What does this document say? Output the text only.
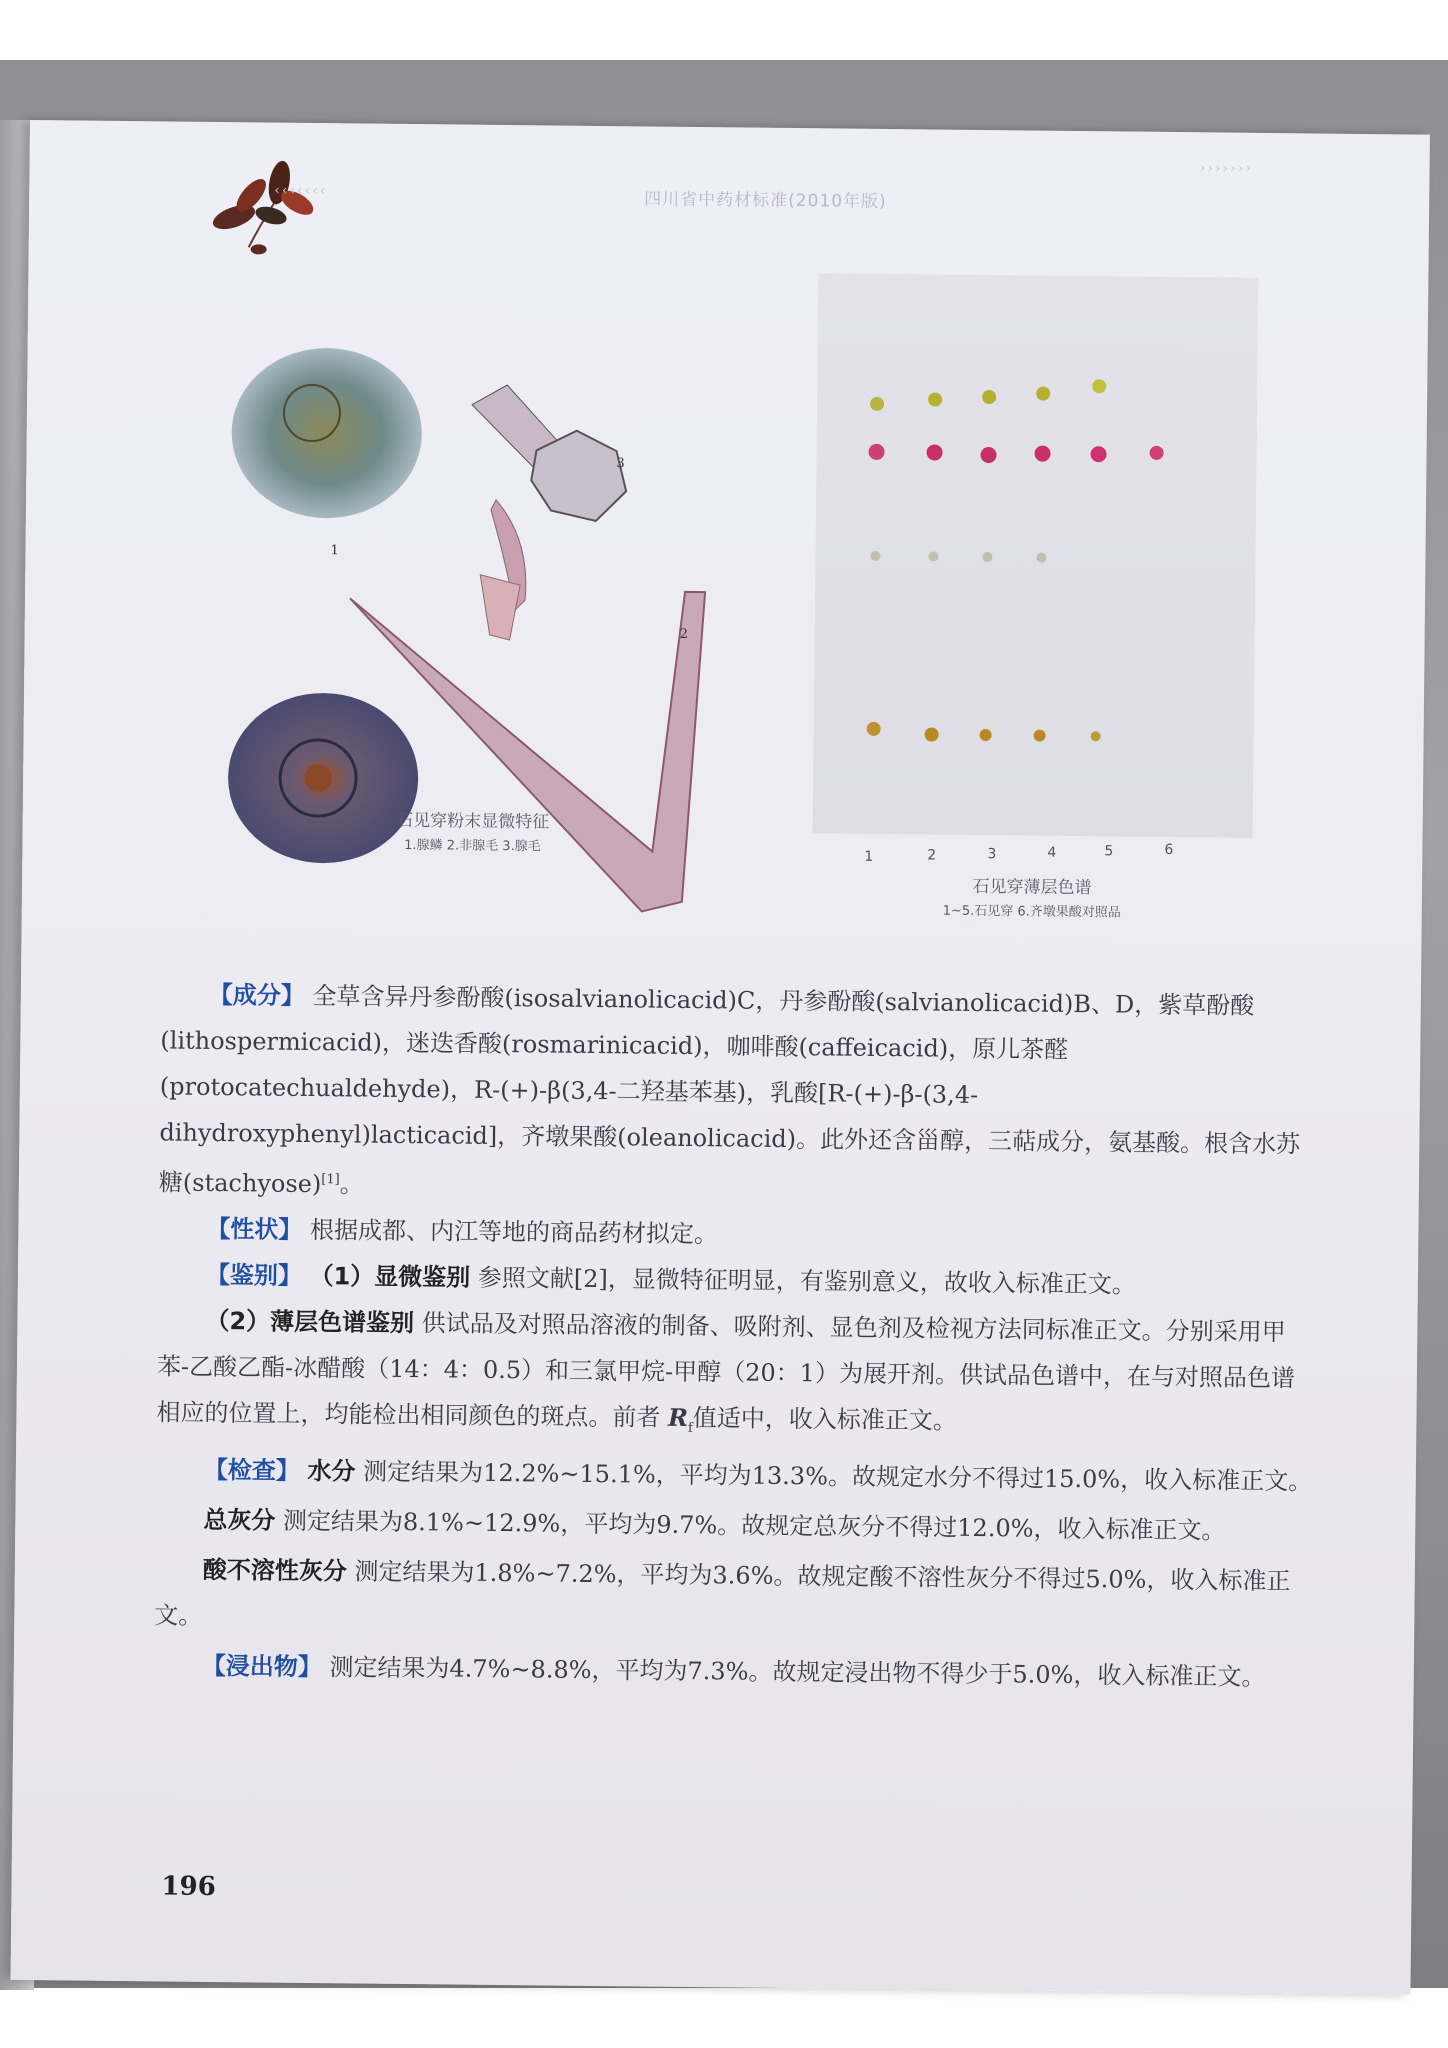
‹‹‹‹‹‹‹	四川省中药材标准(2010年版)
›››››››
1
2
3
石见穿粉末显微特征
1.腺鳞 2.非腺毛 3.腺毛
1	2	3	4	5	6
石见穿薄层色谱
1~5.石见穿 6.齐墩果酸对照品

【成分】 全草含异丹参酚酸(isosalvianolicacid)C，丹参酚酸(salvianolicacid)B、D，紫草酚酸(lithospermicacid)，迷迭香酸(rosmarinicacid)，咖啡酸(caffeicacid)，原儿茶醛(protocatechualdehyde)，R-(+)-β(3,4-二羟基苯基)，乳酸[R-(+)-β-(3,4-dihydroxyphenyl)lacticacid]，齐墩果酸(oleanolicacid)。此外还含甾醇，三萜成分，氨基酸。根含水苏糖(stachyose)[1]。

【性状】 根据成都、内江等地的商品药材拟定。

【鉴别】 （1）显微鉴别 参照文献[2]，显微特征明显，有鉴别意义，故收入标准正文。

（2）薄层色谱鉴别 供试品及对照品溶液的制备、吸附剂、显色剂及检视方法同标准正文。分别采用甲苯-乙酸乙酯-冰醋酸（14：4：0.5）和三氯甲烷-甲醇（20：1）为展开剂。供试品色谱中，在与对照品色谱相应的位置上，均能检出相同颜色的斑点。前者 $R_f$值适中，收入标准正文。

【检查】 水分 测定结果为12.2%~15.1%，平均为13.3%。故规定水分不得过15.0%，收入标准正文。

总灰分 测定结果为8.1%~12.9%，平均为9.7%。故规定总灰分不得过12.0%，收入标准正文。

酸不溶性灰分 测定结果为1.8%~7.2%，平均为3.6%。故规定酸不溶性灰分不得过5.0%，收入标准正文。

【浸出物】 测定结果为4.7%~8.8%，平均为7.3%。故规定浸出物不得少于5.0%，收入标准正文。

196
